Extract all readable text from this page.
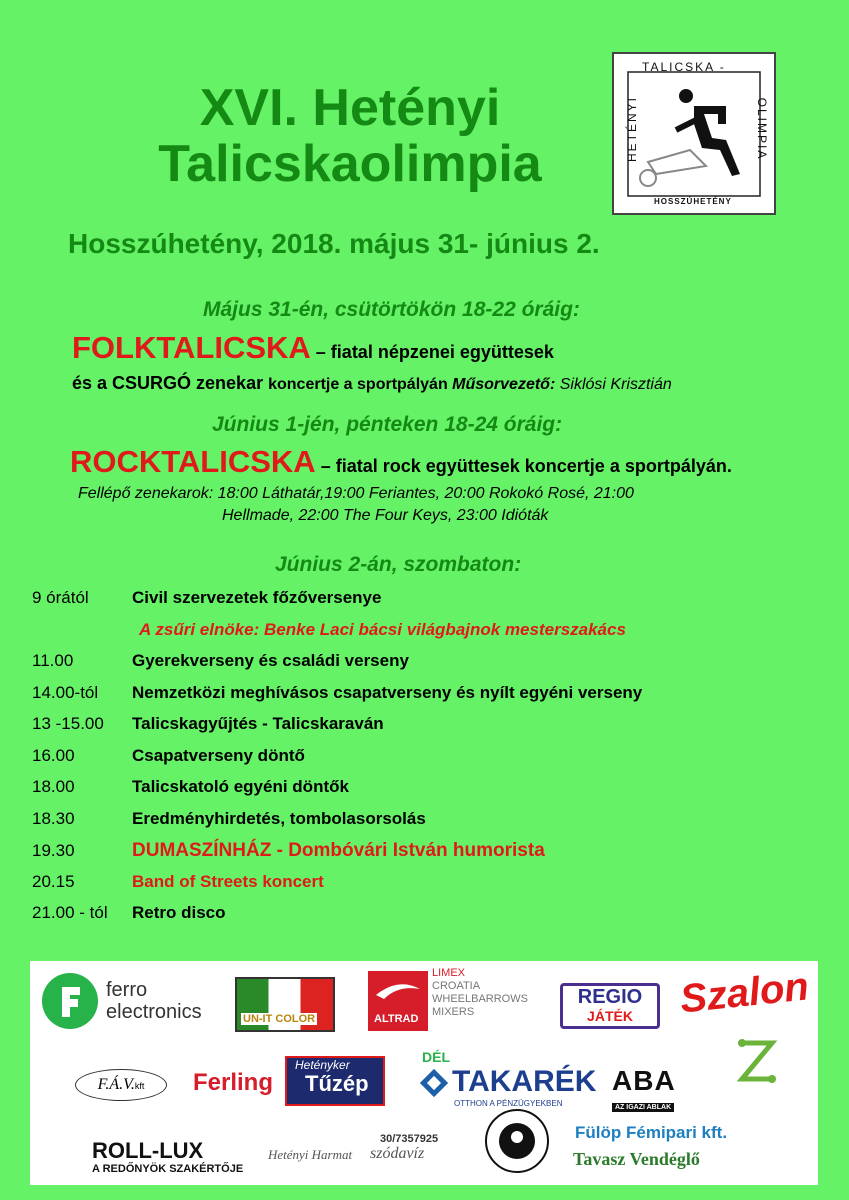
XVI. Hetényi
Talicskaolimpia
TALICSKA -
HETÉNYI	OLIMPIA
HOSSZÚHETÉNY
Hosszúhetény, 2018. május 31- június 2.
Május 31-én, csütörtökön 18-22 óráig:
FOLKTALICSKA – fiatal népzenei együttesek
és a CSURGÓ zenekar koncertje a sportpályán Műsorvezető: Siklósi Krisztián
Június 1-jén, pénteken 18-24 óráig:
ROCKTALICSKA – fiatal rock együttesek koncertje a sportpályán.
Fellépő zenekarok: 18:00 Láthatár,19:00 Feriantes, 20:00 Rokokó Rosé, 21:00
Hellmade, 22:00 The Four Keys, 23:00 Idióták
Június 2-án, szombaton:
9 órától	Civil szervezetek főzőversenye
A zsűri elnöke: Benke Laci bácsi világbajnok mesterszakács
11.00	Gyerekverseny és családi verseny
14.00-tól Nemzetközi meghívásos csapatverseny és nyílt egyéni verseny
13 -15.00 Talicskagyűjtés - Talicskaraván
16.00	Csapatverseny döntő
18.00	Talicskatoló egyéni döntők
18.30	Eredményhirdetés, tombolasorsolás
19.30	DUMASZÍNHÁZ - Dombóvári István humorista
20.15	Band of Streets koncert
21.00 - tól Retro disco
ferro
electronics	UN-IT COLOR	ALTRAD
LIMEX
CROATIA
WHEELBARROWS
MIXERS
REGIO
JÁTÉK	Szalon
F.Á.V.kft	Ferling
Hetényker
Tűzép
DÉL
TAKARÉK
OTTHON A PÉNZÜGYEKBEN
ABA
AZ IGAZI ABLAK
ROLL-LUX
A REDŐNYÖK SZAKÉRTŐJE
Hetényi Harmat
30/7357925
szódavíz
Fülöp Fémipari kft.
Tavasz Vendéglő
